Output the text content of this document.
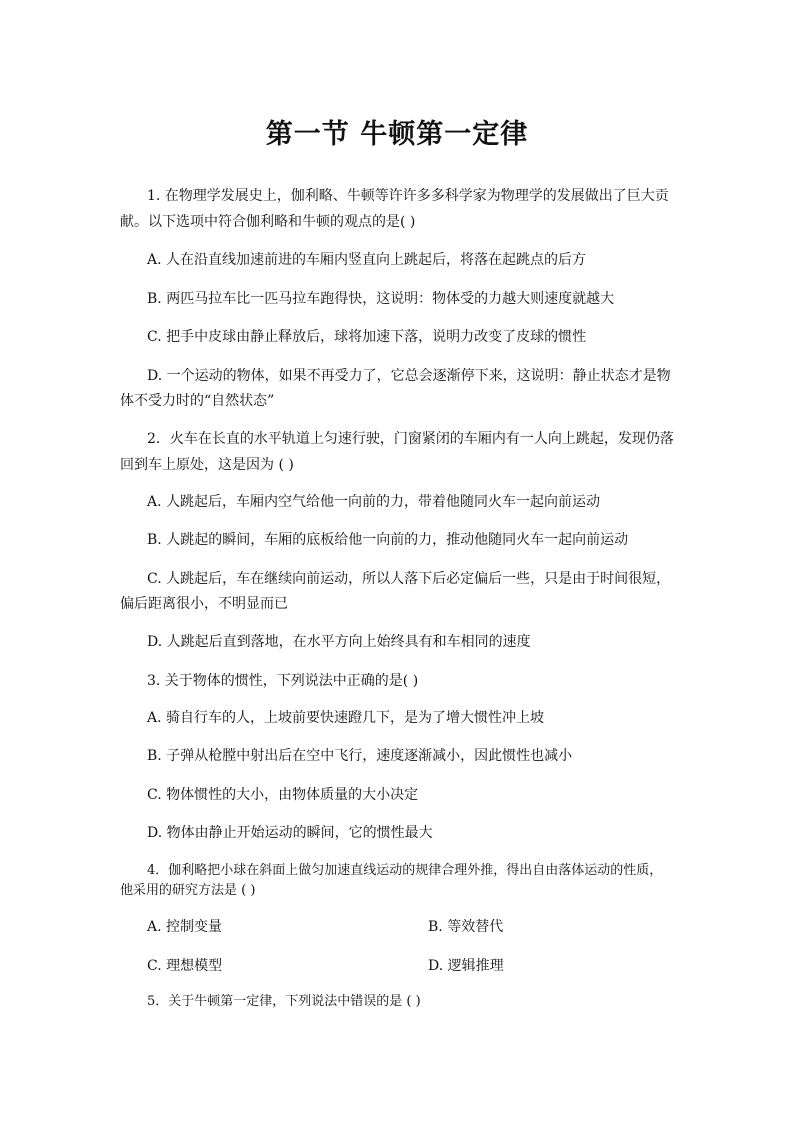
第一节 牛顿第一定律
1. 在物理学发展史上，伽利略、牛顿等许许多多科学家为物理学的发展做出了巨大贡
献。以下选项中符合伽利略和牛顿的观点的是( )
A. 人在沿直线加速前进的车厢内竖直向上跳起后，将落在起跳点的后方
B. 两匹马拉车比一匹马拉车跑得快，这说明：物体受的力越大则速度就越大
C. 把手中皮球由静止释放后，球将加速下落，说明力改变了皮球的惯性
D. 一个运动的物体，如果不再受力了，它总会逐渐停下来，这说明：静止状态才是物
体不受力时的“自然状态”
2．火车在长直的水平轨道上匀速行驶，门窗紧闭的车厢内有一人向上跳起，发现仍落
回到车上原处，这是因为 ( )
A. 人跳起后，车厢内空气给他一向前的力，带着他随同火车一起向前运动
B. 人跳起的瞬间，车厢的底板给他一向前的力，推动他随同火车一起向前运动
C. 人跳起后，车在继续向前运动，所以人落下后必定偏后一些，只是由于时间很短，
偏后距离很小，不明显而已
D. 人跳起后直到落地，在水平方向上始终具有和车相同的速度
3. 关于物体的惯性，下列说法中正确的是( )
A. 骑自行车的人，上坡前要快速蹬几下，是为了增大惯性冲上坡
B. 子弹从枪膛中射出后在空中飞行，速度逐渐减小，因此惯性也减小
C. 物体惯性的大小，由物体质量的大小决定
D. 物体由静止开始运动的瞬间，它的惯性最大
4．伽利略把小球在斜面上做匀加速直线运动的规律合理外推，得出自由落体运动的性质，
他采用的研究方法是 ( )
A. 控制变量	B. 等效替代
C. 理想模型	D. 逻辑推理
5．关于牛顿第一定律，下列说法中错误的是 ( )
